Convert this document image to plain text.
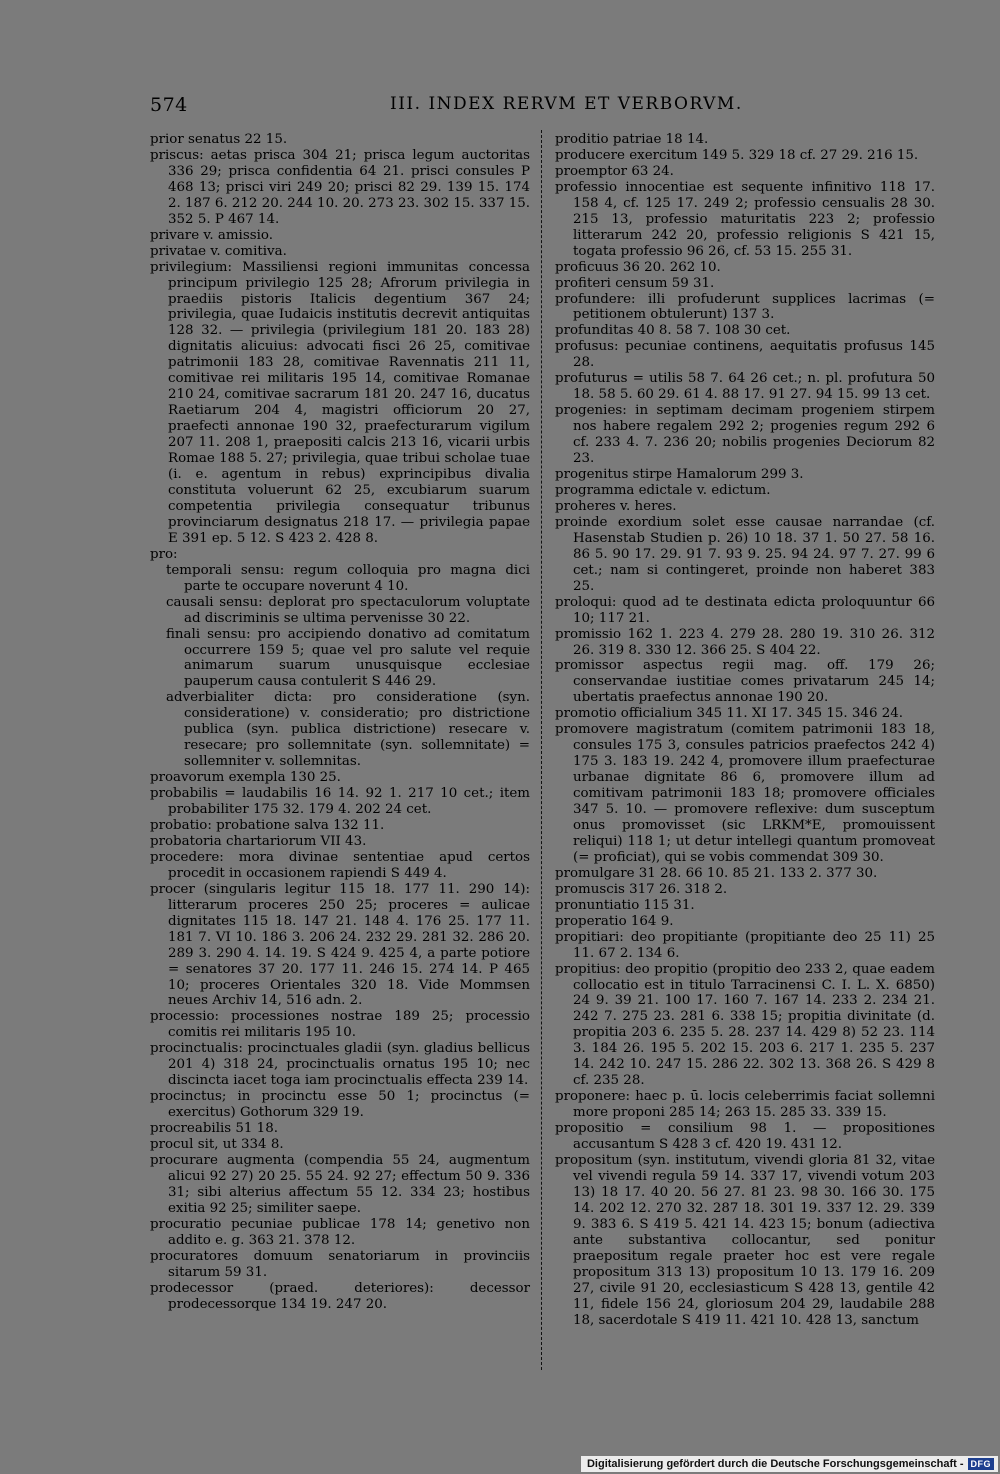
574	III. INDEX RERVM ET VERBORVM.

prior senatus 22 15.

priscus: aetas prisca 304 21; prisca legum auctoritas 336 29; prisca confidentia 64 21. prisci consules P 468 13; prisci viri 249 20; prisci 82 29. 139 15. 174 2. 187 6. 212 20. 244 10. 20. 273 23. 302 15. 337 15. 352 5. P 467 14.

privare v. amissio.

privatae v. comitiva.

privilegium: Massiliensi regioni immunitas concessa principum privilegio 125 28; Afrorum privilegia in praediis pistoris Italicis degentium 367 24; privilegia, quae Iudaicis institutis decrevit antiquitas 128 32. — privilegia (privilegium 181 20. 183 28) dignitatis alicuius: advocati fisci 26 25, comitivae patrimonii 183 28, comitivae Ravennatis 211 11, comitivae rei militaris 195 14, comitivae Romanae 210 24, comitivae sacrarum 181 20. 247 16, ducatus Raetiarum 204 4, magistri officiorum 20 27, praefecti annonae 190 32, praefecturarum vigilum 207 11. 208 1, praepositi calcis 213 16, vicarii urbis Romae 188 5. 27; privilegia, quae tribui scholae tuae (i. e. agentum in rebus) exprincipibus divalia constituta voluerunt 62 25, excubiarum suarum competentia privilegia consequatur tribunus provinciarum designatus 218 17. — privilegia papae E 391 ep. 5 12. S 423 2. 428 8.

pro:

temporali sensu: regum colloquia pro magna dici parte te occupare noverunt 4 10.

causali sensu: deplorat pro spectaculorum voluptate ad discriminis se ultima pervenisse 30 22.

finali sensu: pro accipiendo donativo ad comitatum occurrere 159 5; quae vel pro salute vel requie animarum suarum unusquisque ecclesiae pauperum causa contulerit S 446 29.

adverbialiter dicta: pro consideratione (syn. consideratione) v. consideratio; pro districtione publica (syn. publica districtione) resecare v. resecare; pro sollemnitate (syn. sollemnitate) = sollemniter v. sollemnitas.

proavorum exempla 130 25.

probabilis = laudabilis 16 14. 92 1. 217 10 cet.; item probabiliter 175 32. 179 4. 202 24 cet.

probatio: probatione salva 132 11.

probatoria chartariorum VII 43.

procedere: mora divinae sententiae apud certos procedit in occasionem rapiendi S 449 4.

procer (singularis legitur 115 18. 177 11. 290 14): litterarum proceres 250 25; proceres = aulicae dignitates 115 18. 147 21. 148 4. 176 25. 177 11. 181 7. VI 10. 186 3. 206 24. 232 29. 281 32. 286 20. 289 3. 290 4. 14. 19. S 424 9. 425 4, a parte potiore = senatores 37 20. 177 11. 246 15. 274 14. P 465 10; proceres Orientales 320 18. Vide Mommsen neues Archiv 14, 516 adn. 2.

processio: processiones nostrae 189 25; processio comitis rei militaris 195 10.

procinctualis: procinctuales gladii (syn. gladius bellicus 201 4) 318 24, procinctualis ornatus 195 10; nec discincta iacet toga iam procinctualis effecta 239 14.

procinctus; in procinctu esse 50 1; procinctus (= exercitus) Gothorum 329 19.

procreabilis 51 18.

procul sit, ut 334 8.

procurare augmenta (compendia 55 24, augmentum alicui 92 27) 20 25. 55 24. 92 27; effectum 50 9. 336 31; sibi alterius affectum 55 12. 334 23; hostibus exitia 92 25; similiter saepe.

procuratio pecuniae publicae 178 14; genetivo non addito e. g. 363 21. 378 12.

procuratores domuum senatoriarum in provinciis sitarum 59 31.

prodecessor (praed. deteriores): decessor prodecessorque 134 19. 247 20.

proditio patriae 18 14.

producere exercitum 149 5. 329 18 cf. 27 29. 216 15.

proemptor 63 24.

professio innocentiae est sequente infinitivo 118 17. 158 4, cf. 125 17. 249 2; professio censualis 28 30. 215 13, professio maturitatis 223 2; professio litterarum 242 20, professio religionis S 421 15, togata professio 96 26, cf. 53 15. 255 31.

proficuus 36 20. 262 10.

profiteri censum 59 31.

profundere: illi profuderunt supplices lacrimas (= petitionem obtulerunt) 137 3.

profunditas 40 8. 58 7. 108 30 cet.

profusus: pecuniae continens, aequitatis profusus 145 28.

profuturus = utilis 58 7. 64 26 cet.; n. pl. profutura 50 18. 58 5. 60 29. 61 4. 88 17. 91 27. 94 15. 99 13 cet.

progenies: in septimam decimam progeniem stirpem nos habere regalem 292 2; progenies regum 292 6 cf. 233 4. 7. 236 20; nobilis progenies Deciorum 82 23.

progenitus stirpe Hamalorum 299 3.

programma edictale v. edictum.

proheres v. heres.

proinde exordium solet esse causae narrandae (cf. Hasenstab Studien p. 26) 10 18. 37 1. 50 27. 58 16. 86 5. 90 17. 29. 91 7. 93 9. 25. 94 24. 97 7. 27. 99 6 cet.; nam si contingeret, proinde non haberet 383 25.

proloqui: quod ad te destinata edicta proloquuntur 66 10; 117 21.

promissio 162 1. 223 4. 279 28. 280 19. 310 26. 312 26. 319 8. 330 12. 366 25. S 404 22.

promissor aspectus regii mag. off. 179 26; conservandae iustitiae comes privatarum 245 14; ubertatis praefectus annonae 190 20.

promotio officialium 345 11. XI 17. 345 15. 346 24.

promovere magistratum (comitem patrimonii 183 18, consules 175 3, consules patricios praefectos 242 4) 175 3. 183 19. 242 4, promovere illum praefecturae urbanae dignitate 86 6, promovere illum ad comitivam patrimonii 183 18; promovere officiales 347 5. 10. — promovere reflexive: dum susceptum onus promovisset (sic LRKM*E, promouissent reliqui) 118 1; ut detur intellegi quantum promoveat (= proficiat), qui se vobis commendat 309 30.

promulgare 31 28. 66 10. 85 21. 133 2. 377 30.

promuscis 317 26. 318 2.

pronuntiatio 115 31.

properatio 164 9.

propitiari: deo propitiante (propitiante deo 25 11) 25 11. 67 2. 134 6.

propitius: deo propitio (propitio deo 233 2, quae eadem collocatio est in titulo Tarracinensi C. I. L. X. 6850) 24 9. 39 21. 100 17. 160 7. 167 14. 233 2. 234 21. 242 7. 275 23. 281 6. 338 15; propitia divinitate (d. propitia 203 6. 235 5. 28. 237 14. 429 8) 52 23. 114 3. 184 26. 195 5. 202 15. 203 6. 217 1. 235 5. 237 14. 242 10. 247 15. 286 22. 302 13. 368 26. S 429 8 cf. 235 28.

proponere: haec p. ū. locis celeberrimis faciat sollemni more proponi 285 14; 263 15. 285 33. 339 15.

propositio = consilium 98 1. — propositiones accusantum S 428 3 cf. 420 19. 431 12.

propositum (syn. institutum, vivendi gloria 81 32, vitae vel vivendi regula 59 14. 337 17, vivendi votum 203 13) 18 17. 40 20. 56 27. 81 23. 98 30. 166 30. 175 14. 202 12. 270 32. 287 18. 301 19. 337 12. 29. 339 9. 383 6. S 419 5. 421 14. 423 15; bonum (adiectiva ante substantiva collocantur, sed ponitur praepositum regale praeter hoc est vere regale propositum 313 13) propositum 10 13. 179 16. 209 27, civile 91 20, ecclesiasticum S 428 13, gentile 42 11, fidele 156 24, gloriosum 204 29, laudabile 288 18, sacerdotale S 419 11. 421 10. 428 13, sanctum

Digitalisierung gefördert durch die Deutsche Forschungsgemeinschaft - DFG
